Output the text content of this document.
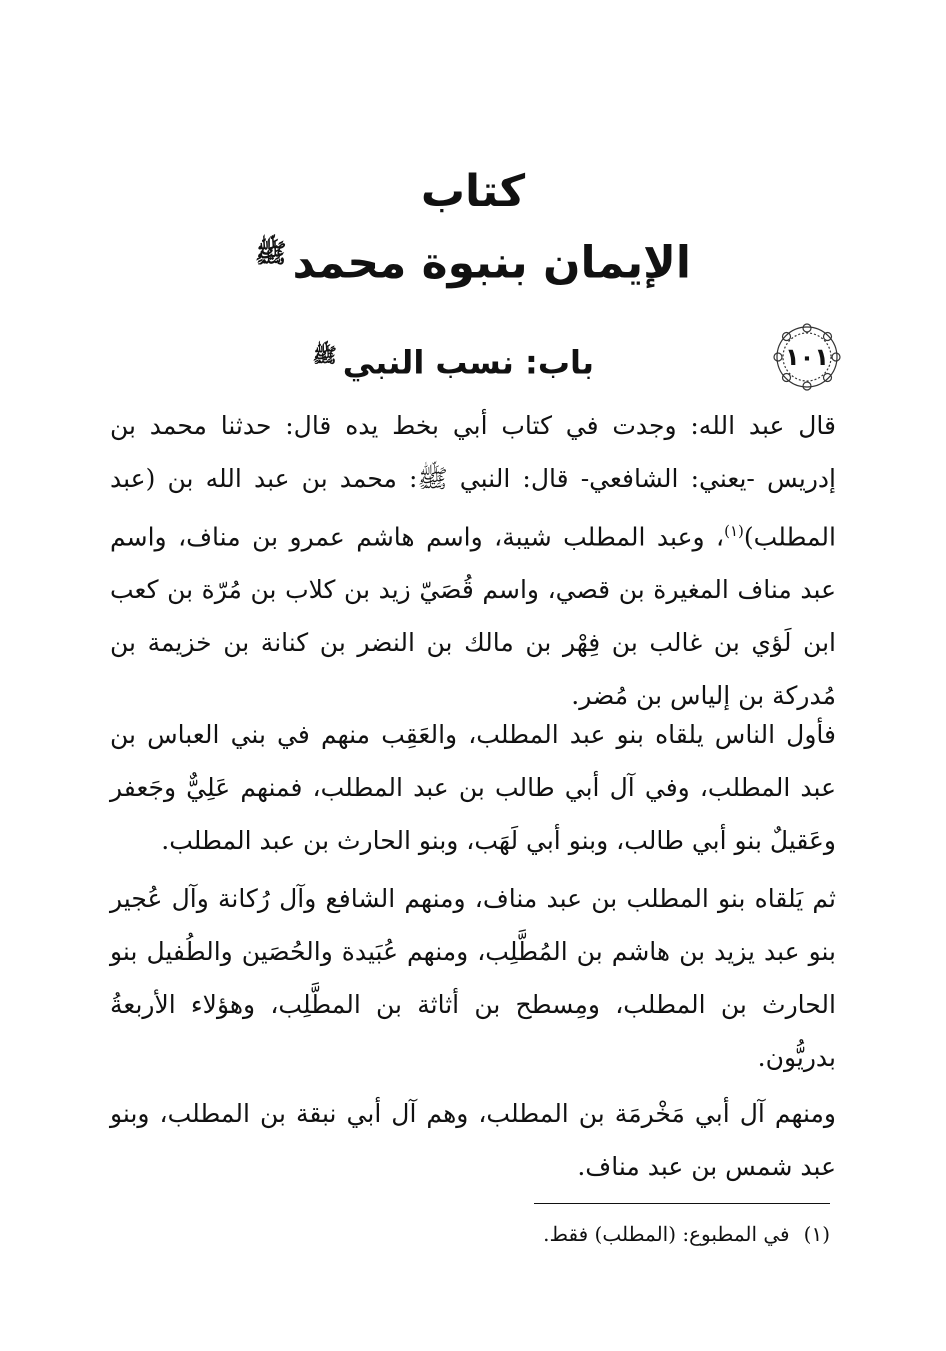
كتاب
الإيمان بنبوة محمد$^ﷺ$
١٠١
باب: نسب النبي$^ﷺ$
قال عبد الله: وجدت في كتاب أبي بخط يده قال: حدثنا محمد بن إدريس -يعني: الشافعي- قال: النبي ﷺ: محمد بن عبد الله بن (عبد المطلب)$^{(١)}$، وعبد المطلب شيبة، واسم هاشم عمرو بن مناف، واسم عبد مناف المغيرة بن قصي، واسم قُصَيّ زيد بن كلاب بن مُرّة بن كعب ابن لَؤي بن غالب بن فِهْر بن مالك بن النضر بن كنانة بن خزيمة بن مُدركة بن إلياس بن مُضر.
فأول الناس يلقاه بنو عبد المطلب، والعَقِب منهم في بني العباس بن عبد المطلب، وفي آل أبي طالب بن عبد المطلب، فمنهم عَلِيٌّ وجَعفر وعَقيلٌ بنو أبي طالب، وبنو أبي لَهَب، وبنو الحارث بن عبد المطلب.
ثم يَلقاه بنو المطلب بن عبد مناف، ومنهم الشافع وآل رُكانة وآل عُجير بنو عبد يزيد بن هاشم بن المُطَّلِب، ومنهم عُبَيدة والحُصَين والطُفيل بنو الحارث بن المطلب، ومِسطح بن أثاثة بن المطَّلِب، وهؤلاء الأربعةُ بدريُّون.
ومنهم آل أبي مَخْرمَة بن المطلب، وهم آل أبي نبقة بن المطلب، وبنو عبد شمس بن عبد مناف.
(١)في المطبوع: (المطلب) فقط.
